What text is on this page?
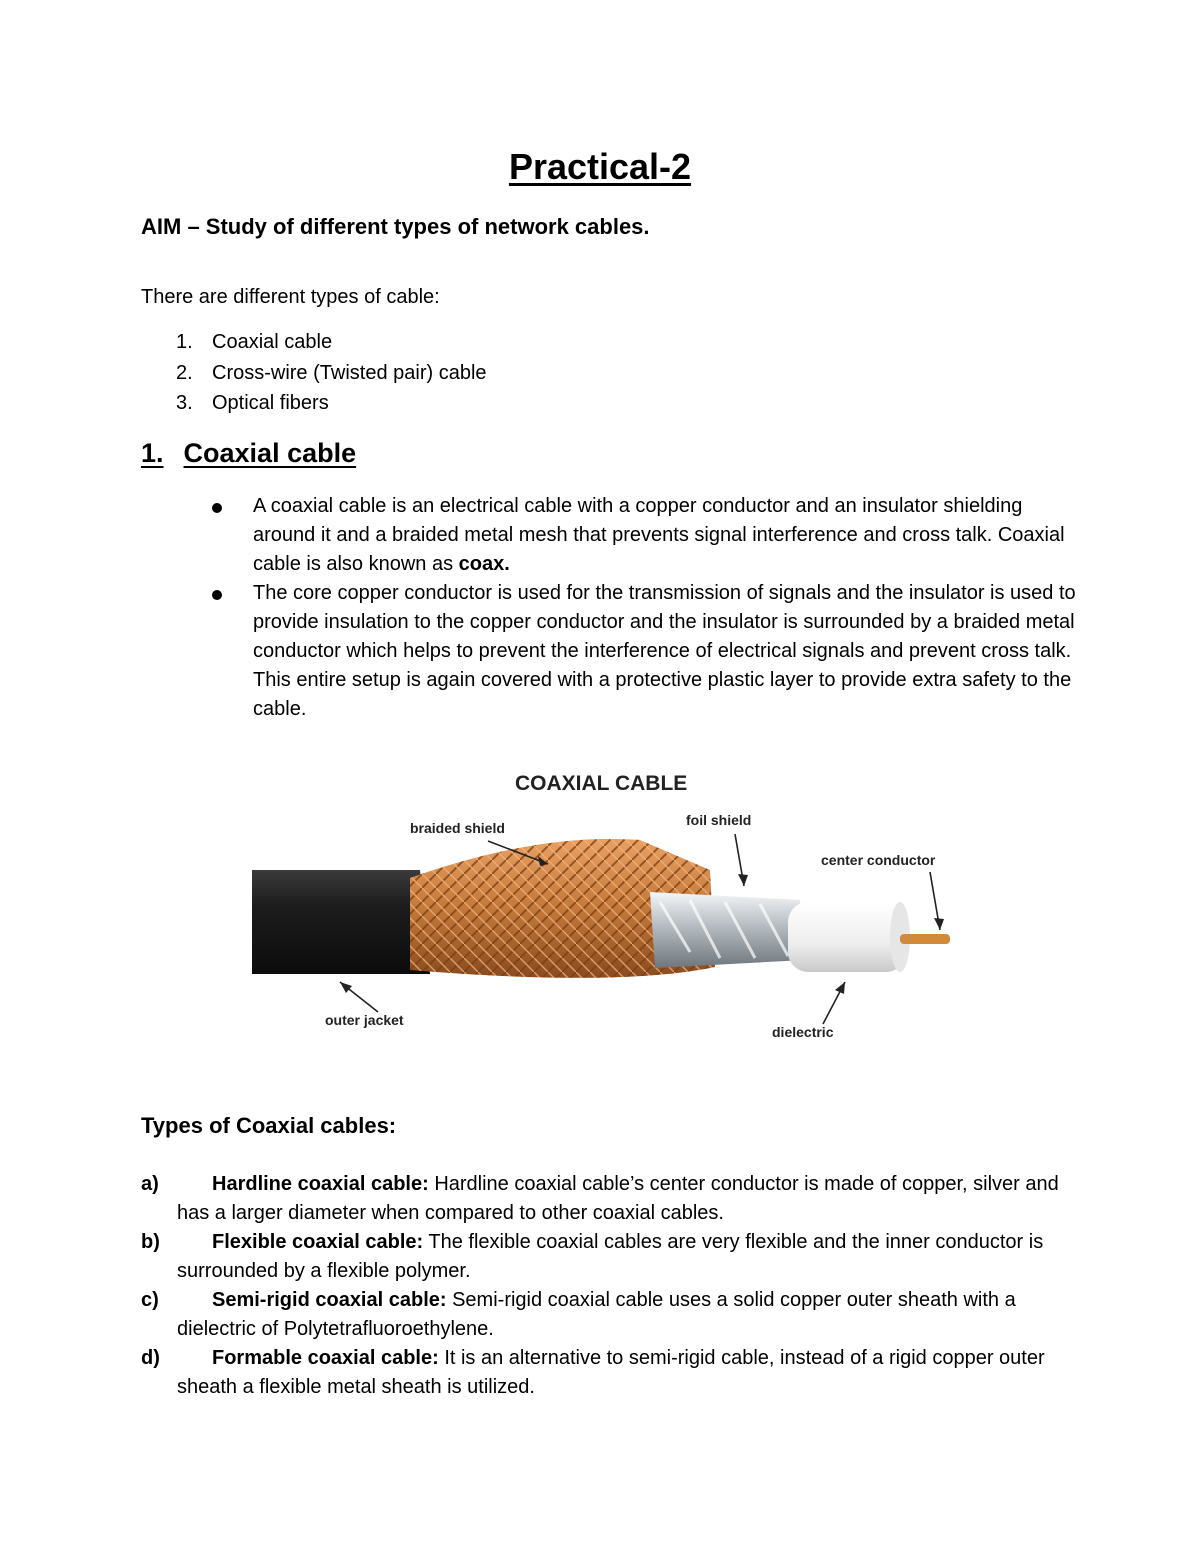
Practical-2

AIM – Study of different types of network cables.

There are different types of cable:

1. Coaxial cable
2. Cross-wire (Twisted pair) cable
3. Optical fibers
1. Coaxial cable
A coaxial cable is an electrical cable with a copper conductor and an insulator shielding around it and a braided metal mesh that prevents signal interference and cross talk. Coaxial cable is also known as coax.
The core copper conductor is used for the transmission of signals and the insulator is used to provide insulation to the copper conductor and the insulator is surrounded by a braided metal conductor which helps to prevent the interference of electrical signals and prevent cross talk. This entire setup is again covered with a protective plastic layer to provide extra safety to the cable.
COAXIAL CABLE
braided shield	foil shield
center conductor
outer jacket
dielectric

Types of Coaxial cables:

a)	Hardline coaxial cable: Hardline coaxial cable’s center conductor is made of copper, silver and has a larger diameter when compared to other coaxial cables.
b)	Flexible coaxial cable: The flexible coaxial cables are very flexible and the inner conductor is surrounded by a flexible polymer.
c)	Semi-rigid coaxial cable: Semi-rigid coaxial cable uses a solid copper outer sheath with a dielectric of Polytetrafluoroethylene.
d)	Formable coaxial cable: It is an alternative to semi-rigid cable, instead of a rigid copper outer sheath a flexible metal sheath is utilized.
